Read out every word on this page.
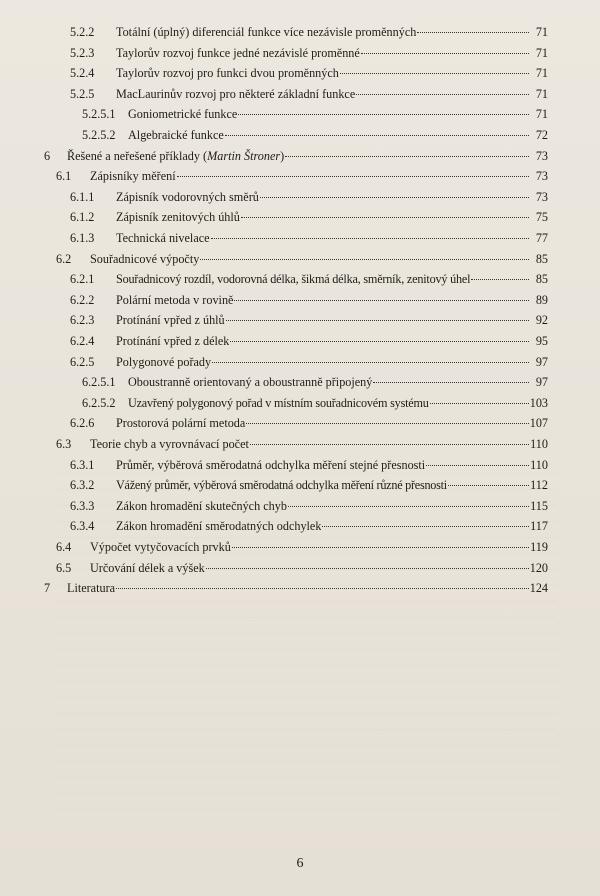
5.2.2	Totální (úplný) diferenciál funkce více nezávisle proměnných	71
5.2.3	Taylorův rozvoj funkce jedné nezávislé proměnné	71
5.2.4	Taylorův rozvoj pro funkci dvou proměnných	71
5.2.5	MacLaurinův rozvoj pro některé základní funkce	71
5.2.5.1	Goniometrické funkce	71
5.2.5.2	Algebraické funkce	72
6	Řešené a neřešené příklady (Martin Štroner)	73
6.1	Zápisníky měření	73
6.1.1	Zápisník vodorovných směrů	73
6.1.2	Zápisník zenitových úhlů	75
6.1.3	Technická nivelace	77
6.2	Souřadnicové výpočty	85
6.2.1	Souřadnicový rozdíl, vodorovná délka, šikmá délka, směrník, zenitový úhel	85
6.2.2	Polární metoda v rovině	89
6.2.3	Protínání vpřed z úhlů	92
6.2.4	Protínání vpřed z délek	95
6.2.5	Polygonové pořady	97
6.2.5.1	Oboustranně orientovaný a oboustranně připojený	97
6.2.5.2	Uzavřený polygonový pořad v místním souřadnicovém systému	103
6.2.6	Prostorová polární metoda	107
6.3	Teorie chyb a vyrovnávací počet	110
6.3.1	Průměr, výběrová směrodatná odchylka měření stejné přesnosti	110
6.3.2	Vážený průměr, výběrová směrodatná odchylka měření různé přesnosti	112
6.3.3	Zákon hromadění skutečných chyb	115
6.3.4	Zákon hromadění směrodatných odchylek	117
6.4	Výpočet vytyčovacích prvků	119
6.5	Určování délek a výšek	120
7	Literatura	124
6
